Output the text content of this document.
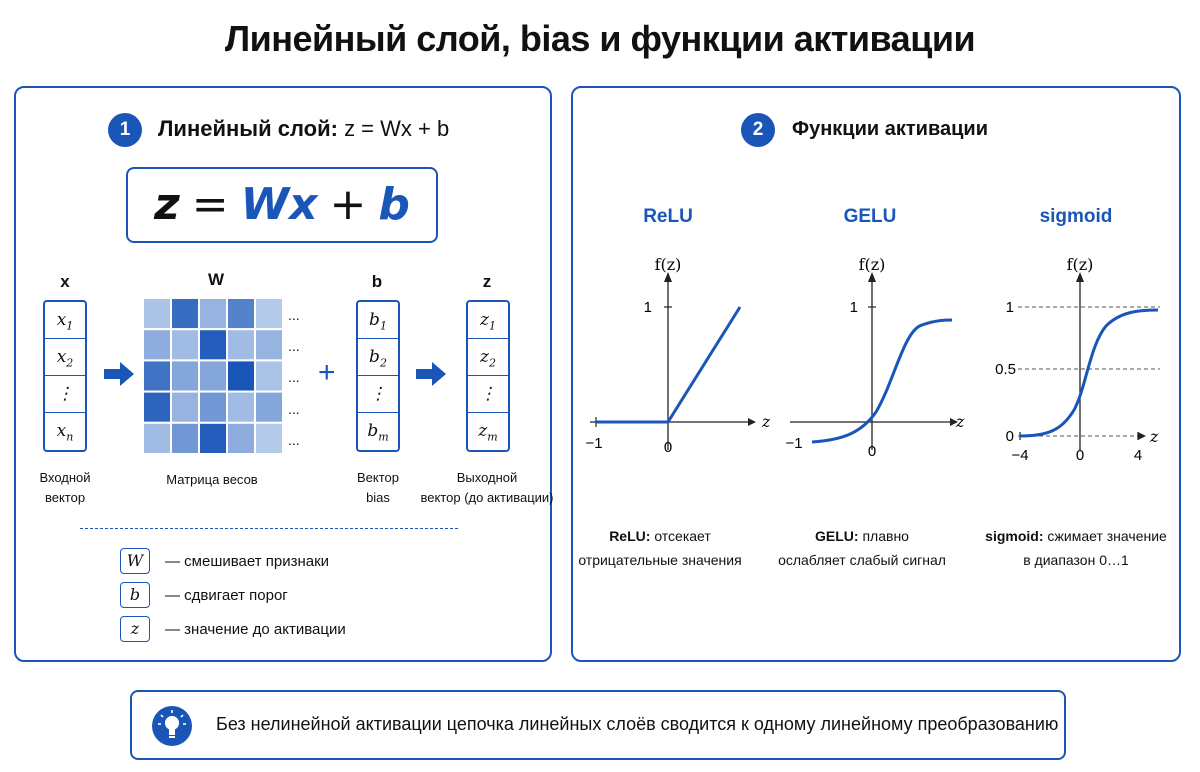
Линейный слой, bias и функции активации
1	Линейный слой: z = Wx + b
z = Wx + b
x
$x_1$
$x_2$
⋮
$x_n$
Входной
вектор
W
...
...
...
...
...
Матрица весов
+
b
$b_1$
$b_2$
⋮
$b_m$
Вектор
bias
z
$z_1$
$z_2$
⋮
$z_m$
Выходной
вектор (до активации)
W	— смешивает признаки
b	— сдвигает порог
z	— значение до активации
2	Функции активации
ReLU	GELU	sigmoid
f(z)
z
1
−1	0
f(z)
z
1
−1	0
f(z)
z
1
0.5
0
−4	0	4
ReLU: отсекает
отрицательные значения
GELU: плавно
ослабляет слабый сигнал
sigmoid: сжимает значение
в диапазон 0…1
Без нелинейной активации цепочка линейных слоёв сводится к одному линейному преобразованию
